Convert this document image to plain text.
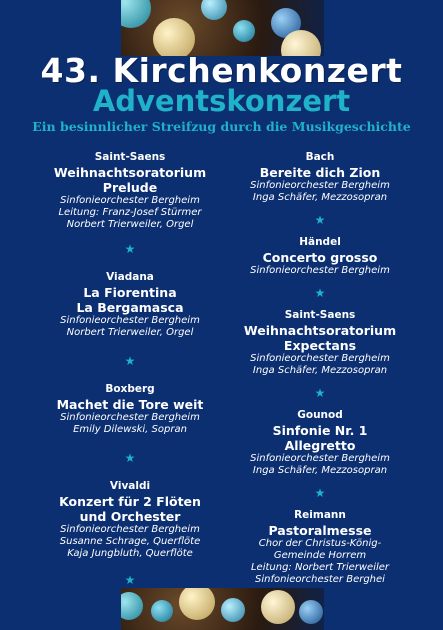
43. Kirchenkonzert
Adventskonzert
Ein besinnlicher Streifzug durch die Musikgeschichte
Saint-Saens
Weihnachtsoratorium
Prelude
Sinfonieorchester Bergheim
Leitung: Franz-Josef Stürmer
Norbert Trierweiler, Orgel
★
Viadana
La Fiorentina
La Bergamasca
Sinfonieorchester Bergheim
Norbert Trierweiler, Orgel
★
Boxberg
Machet die Tore weit
Sinfonieorchester Bergheim
Emily Dilewski, Sopran
★
Vivaldi
Konzert für 2 Flöten
und Orchester
Sinfonieorchester Bergheim
Susanne Schrage, Querflöte
Kaja Jungbluth, Querflöte
★
Bach
Bereite dich Zion
Sinfonieorchester Bergheim
Inga Schäfer, Mezzosopran
★
Händel
Concerto grosso
Sinfonieorchester Bergheim
★
Saint-Saens
Weihnachtsoratorium
Expectans
Sinfonieorchester Bergheim
Inga Schäfer, Mezzosopran
★
Gounod
Sinfonie Nr. 1
Allegretto
Sinfonieorchester Bergheim
Inga Schäfer, Mezzosopran
★
Reimann
Pastoralmesse
Chor der Christus-König-
Gemeinde Horrem
Leitung: Norbert Trierweiler
Sinfonieorchester Berghei
